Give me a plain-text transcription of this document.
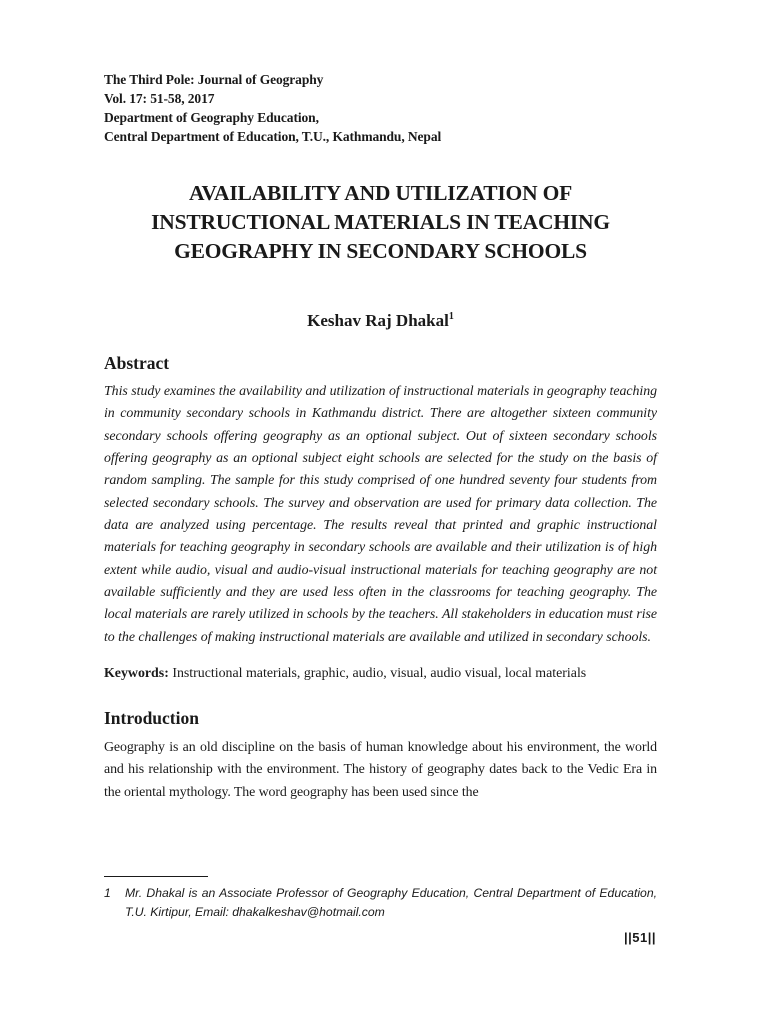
The Third Pole: Journal of Geography
Vol. 17: 51-58, 2017
Department of Geography Education,
Central Department of Education, T.U., Kathmandu, Nepal
AVAILABILITY AND UTILIZATION OF
INSTRUCTIONAL MATERIALS IN TEACHING
GEOGRAPHY IN SECONDARY SCHOOLS
Keshav Raj Dhakal$^1$
Abstract
This study examines the availability and utilization of instructional materials in geography teaching in community secondary schools in Kathmandu district. There are altogether sixteen community secondary schools offering geography as an optional subject. Out of sixteen secondary schools offering geography as an optional subject eight schools are selected for the study on the basis of random sampling. The sample for this study comprised of one hundred seventy four students from selected secondary schools. The survey and observation are used for primary data collection. The data are analyzed using percentage. The results reveal that printed and graphic instructional materials for teaching geography in secondary schools are available and their utilization is of high extent while audio, visual and audio-visual instructional materials for teaching geography are not available sufficiently and they are used less often in the classrooms for teaching geography. The local materials are rarely utilized in schools by the teachers. All stakeholders in education must rise to the challenges of making instructional materials are available and utilized in secondary schools.
Keywords: Instructional materials, graphic, audio, visual, audio visual, local materials
Introduction
Geography is an old discipline on the basis of human knowledge about his environment, the world and his relationship with the environment. The history of geography dates back to the Vedic Era in the oriental mythology. The word geography has been used since the
1	Mr. Dhakal is an Associate Professor of Geography Education, Central Department of Education, T.U. Kirtipur, Email: dhakalkeshav@hotmail.com
||51||
